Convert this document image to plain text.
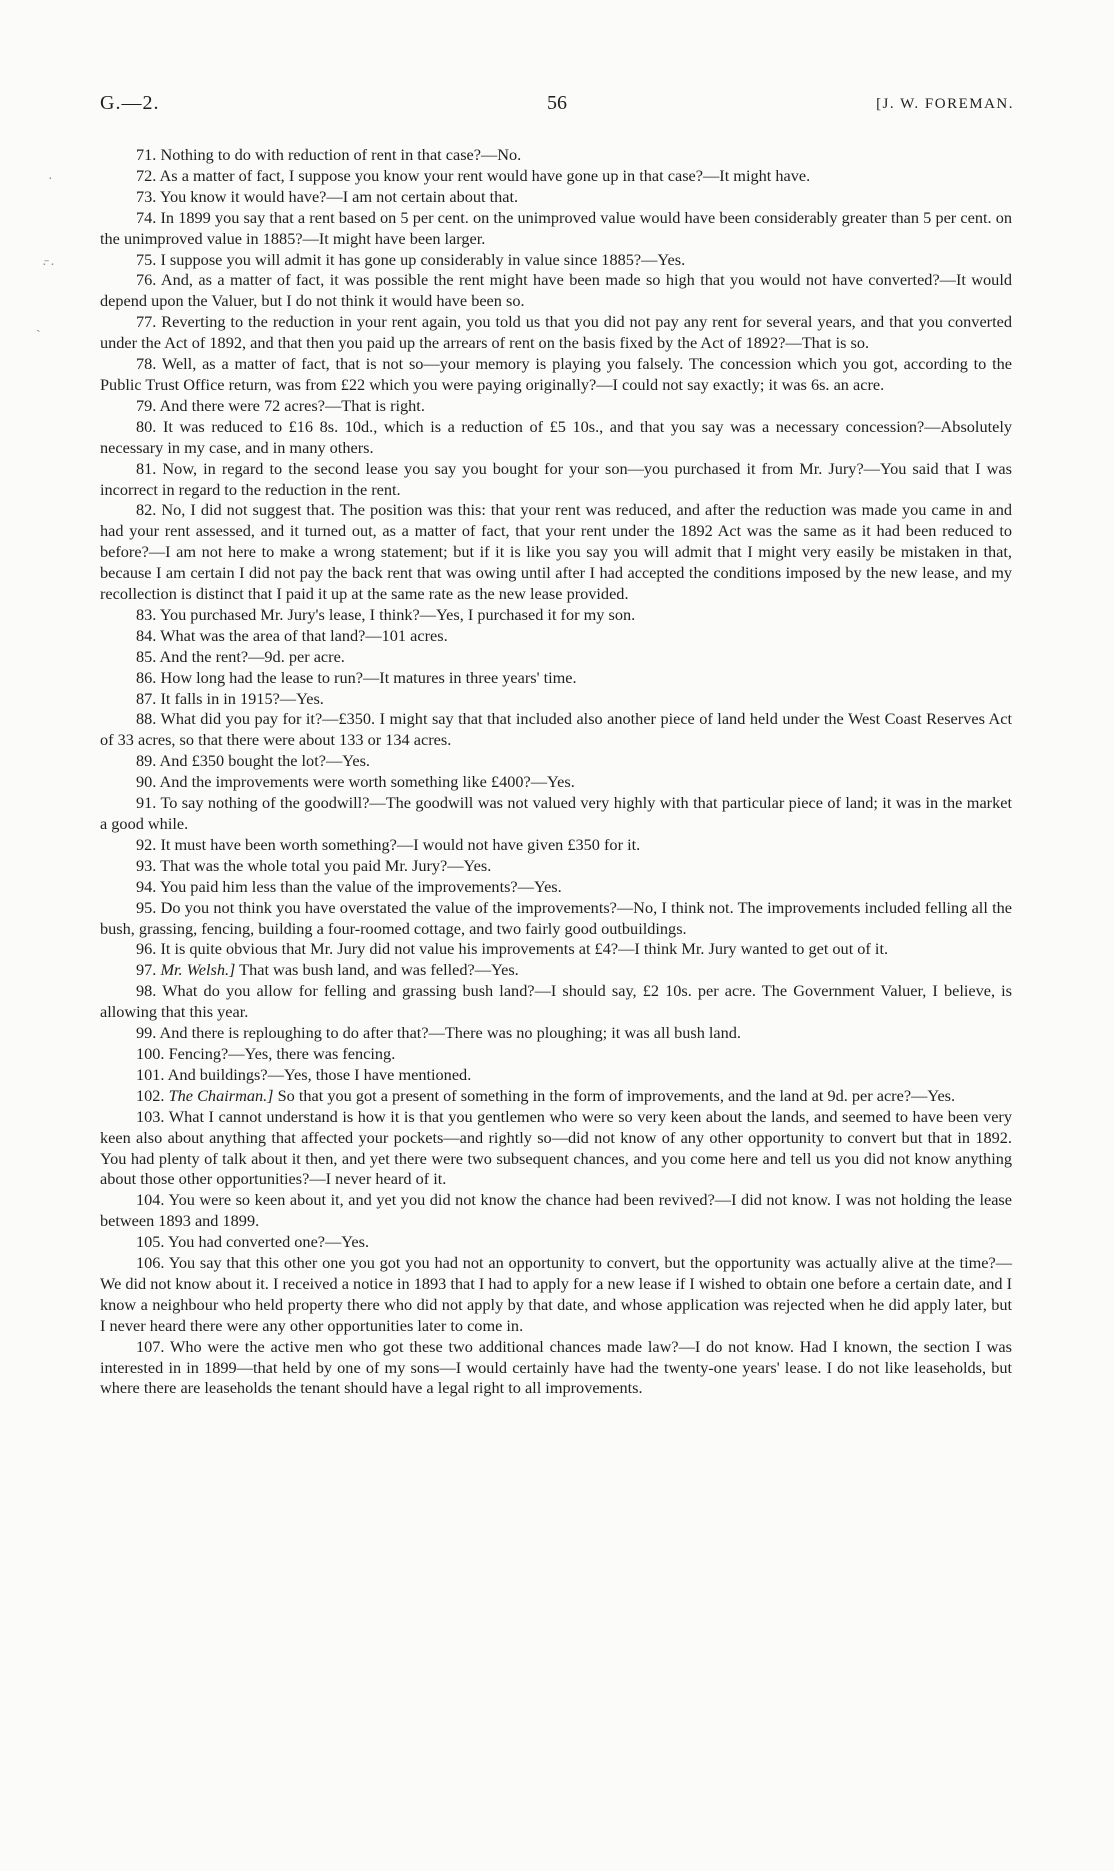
G.—2.	56	[J. W. FOREMAN.
·
·̄ ·
ˏ

71. Nothing to do with reduction of rent in that case?—No.

72. As a matter of fact, I suppose you know your rent would have gone up in that case?—It might have.

73. You know it would have?—I am not certain about that.

74. In 1899 you say that a rent based on 5 per cent. on the unimproved value would have been considerably greater than 5 per cent. on the unimproved value in 1885?—It might have been larger.

75. I suppose you will admit it has gone up considerably in value since 1885?—Yes.

76. And, as a matter of fact, it was possible the rent might have been made so high that you would not have converted?—It would depend upon the Valuer, but I do not think it would have been so.

77. Reverting to the reduction in your rent again, you told us that you did not pay any rent for several years, and that you converted under the Act of 1892, and that then you paid up the arrears of rent on the basis fixed by the Act of 1892?—That is so.

78. Well, as a matter of fact, that is not so—your memory is playing you falsely. The concession which you got, according to the Public Trust Office return, was from £22 which you were paying originally?—I could not say exactly; it was 6s. an acre.

79. And there were 72 acres?—That is right.

80. It was reduced to £16 8s. 10d., which is a reduction of £5 10s., and that you say was a necessary concession?—Absolutely necessary in my case, and in many others.

81. Now, in regard to the second lease you say you bought for your son—you purchased it from Mr. Jury?—You said that I was incorrect in regard to the reduction in the rent.

82. No, I did not suggest that. The position was this: that your rent was reduced, and after the reduction was made you came in and had your rent assessed, and it turned out, as a matter of fact, that your rent under the 1892 Act was the same as it had been reduced to before?—I am not here to make a wrong statement; but if it is like you say you will admit that I might very easily be mistaken in that, because I am certain I did not pay the back rent that was owing until after I had accepted the conditions imposed by the new lease, and my recollection is distinct that I paid it up at the same rate as the new lease provided.

83. You purchased Mr. Jury's lease, I think?—Yes, I purchased it for my son.

84. What was the area of that land?—101 acres.

85. And the rent?—9d. per acre.

86. How long had the lease to run?—It matures in three years' time.

87. It falls in in 1915?—Yes.

88. What did you pay for it?—£350. I might say that that included also another piece of land held under the West Coast Reserves Act of 33 acres, so that there were about 133 or 134 acres.

89. And £350 bought the lot?—Yes.

90. And the improvements were worth something like £400?—Yes.

91. To say nothing of the goodwill?—The goodwill was not valued very highly with that particular piece of land; it was in the market a good while.

92. It must have been worth something?—I would not have given £350 for it.

93. That was the whole total you paid Mr. Jury?—Yes.

94. You paid him less than the value of the improvements?—Yes.

95. Do you not think you have overstated the value of the improvements?—No, I think not. The improvements included felling all the bush, grassing, fencing, building a four-roomed cottage, and two fairly good outbuildings.

96. It is quite obvious that Mr. Jury did not value his improvements at £4?—I think Mr. Jury wanted to get out of it.

97. Mr. Welsh.] That was bush land, and was felled?—Yes.

98. What do you allow for felling and grassing bush land?—I should say, £2 10s. per acre. The Government Valuer, I believe, is allowing that this year.

99. And there is reploughing to do after that?—There was no ploughing; it was all bush land.

100. Fencing?—Yes, there was fencing.

101. And buildings?—Yes, those I have mentioned.

102. The Chairman.] So that you got a present of something in the form of improvements, and the land at 9d. per acre?—Yes.

103. What I cannot understand is how it is that you gentlemen who were so very keen about the lands, and seemed to have been very keen also about anything that affected your pockets—and rightly so—did not know of any other opportunity to convert but that in 1892. You had plenty of talk about it then, and yet there were two subsequent chances, and you come here and tell us you did not know anything about those other opportunities?—I never heard of it.

104. You were so keen about it, and yet you did not know the chance had been revived?—I did not know. I was not holding the lease between 1893 and 1899.

105. You had converted one?—Yes.

106. You say that this other one you got you had not an opportunity to convert, but the opportunity was actually alive at the time?—We did not know about it. I received a notice in 1893 that I had to apply for a new lease if I wished to obtain one before a certain date, and I know a neighbour who held property there who did not apply by that date, and whose application was rejected when he did apply later, but I never heard there were any other opportunities later to come in.

107. Who were the active men who got these two additional chances made law?—I do not know. Had I known, the section I was interested in in 1899—that held by one of my sons—I would certainly have had the twenty-one years' lease. I do not like leaseholds, but where there are leaseholds the tenant should have a legal right to all improvements.
